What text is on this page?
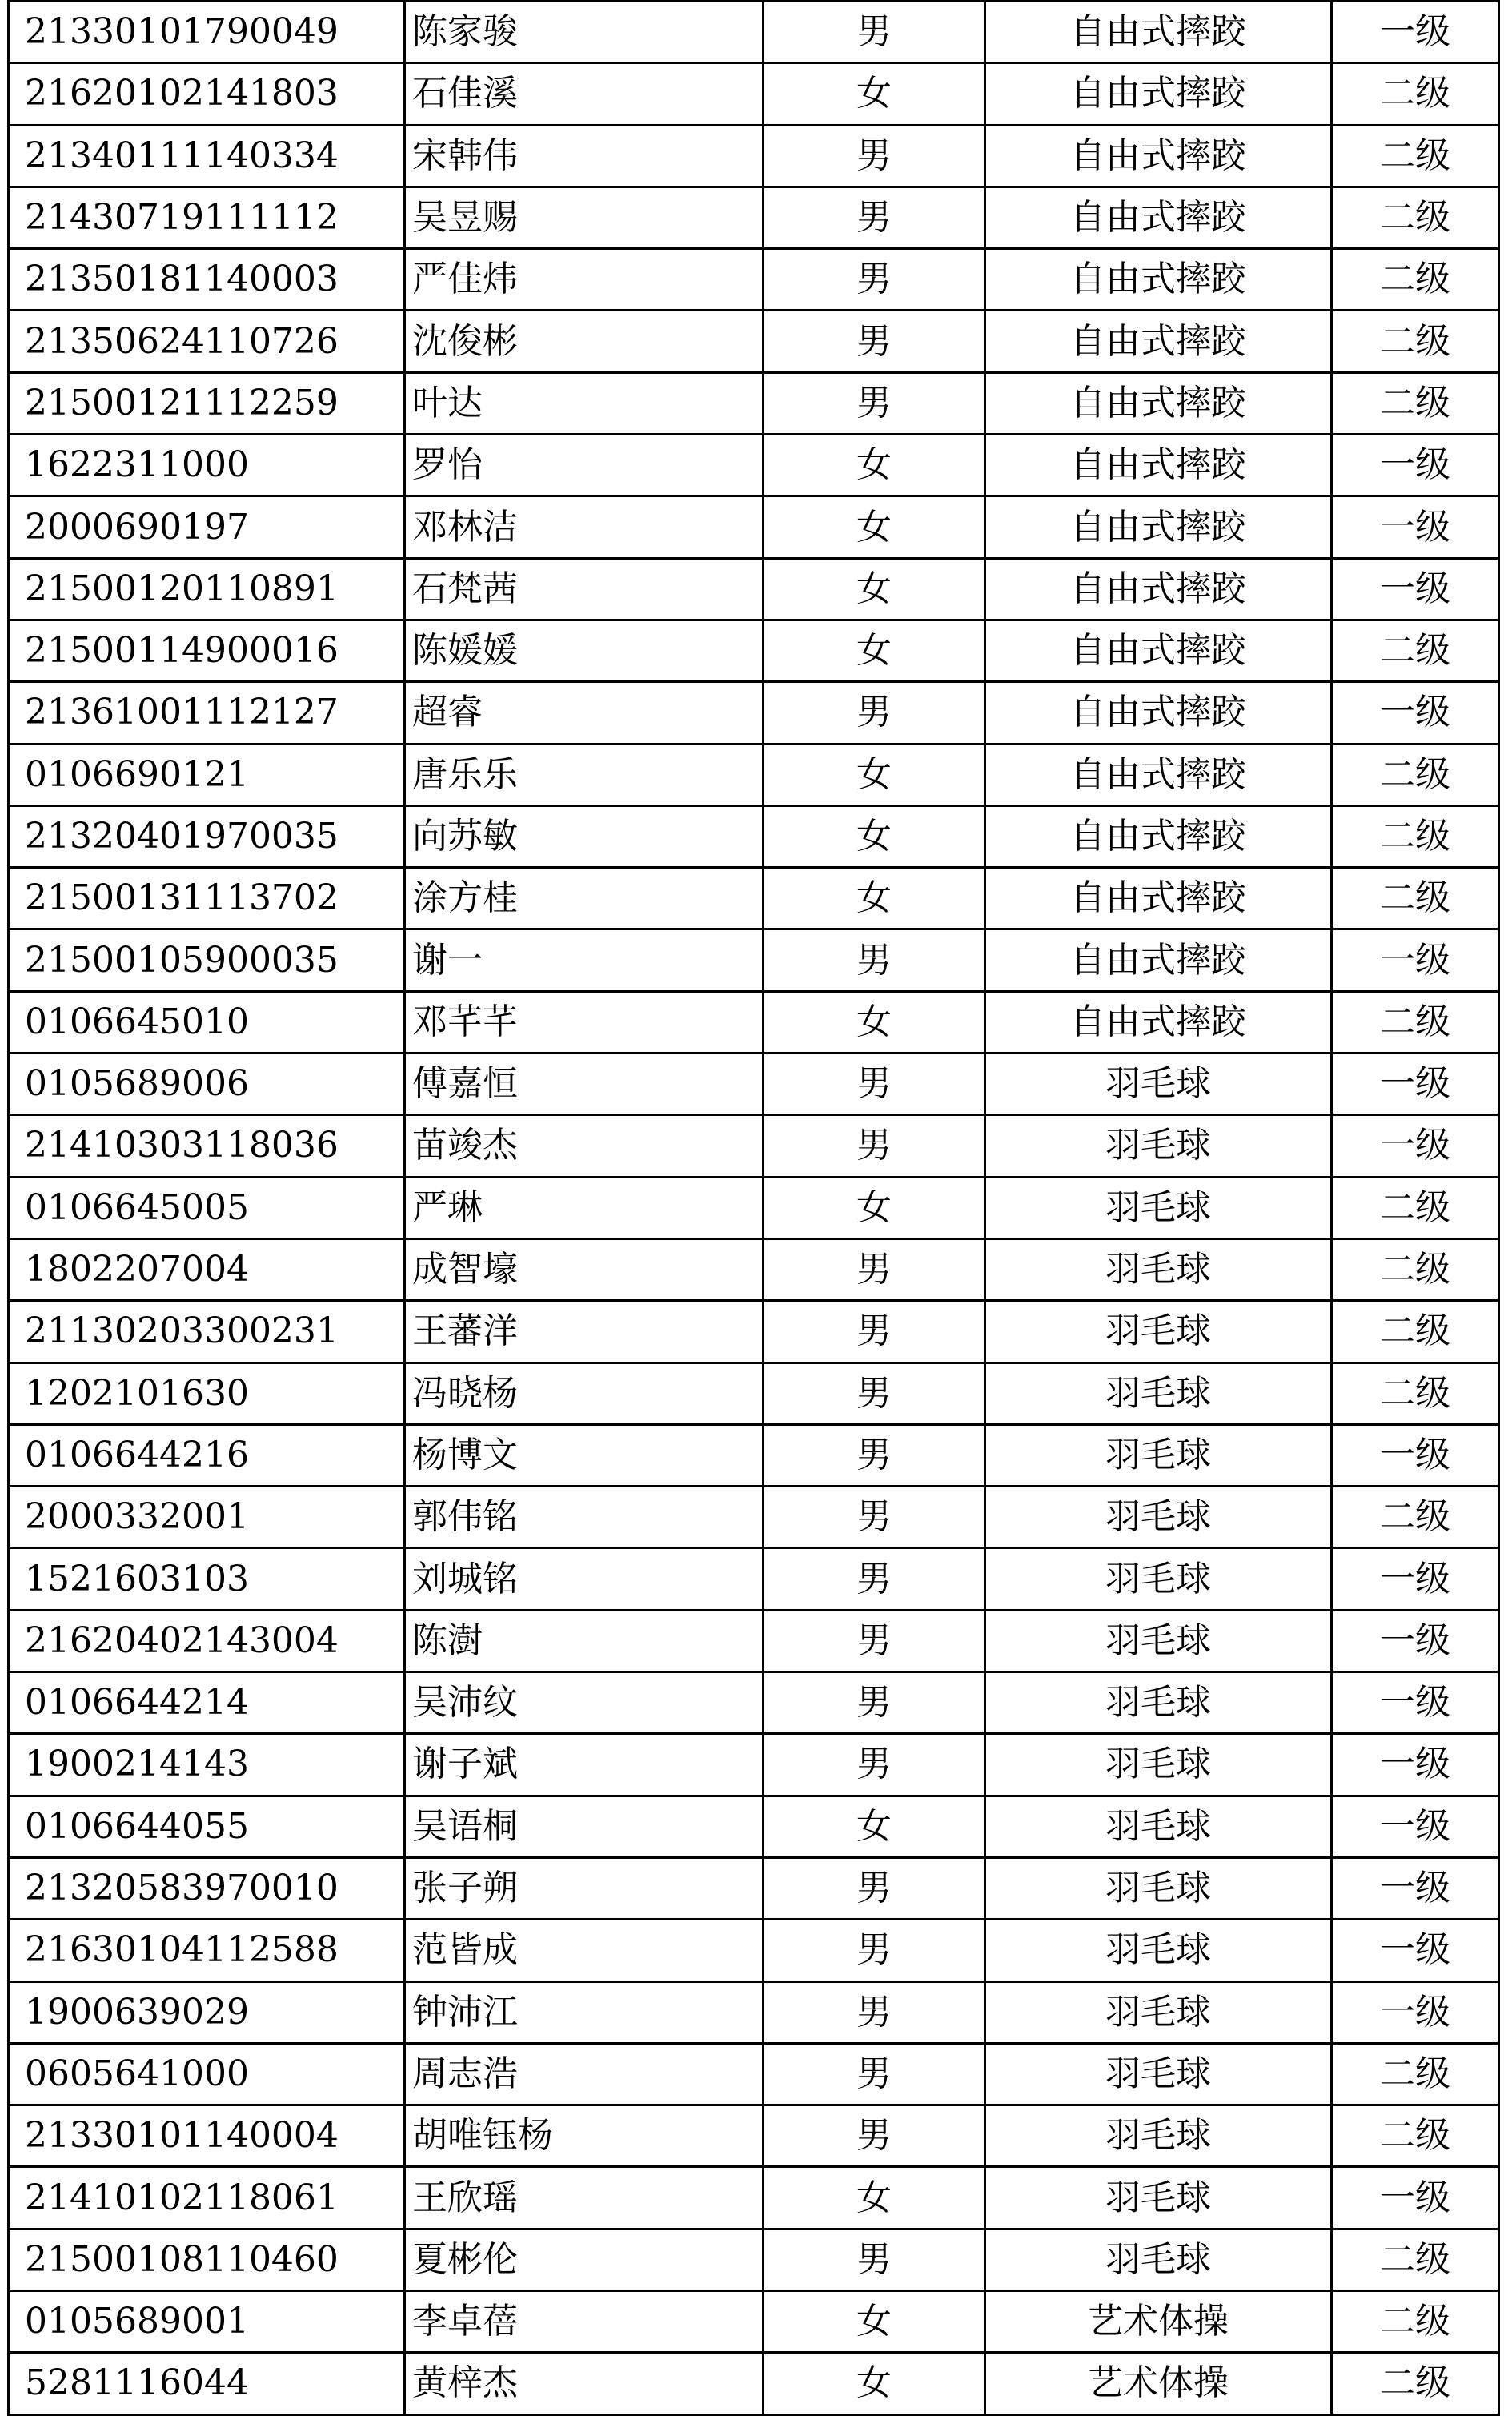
21330101790049	陈家骏	男	自由式摔跤	一级
21620102141803	石佳溪	女	自由式摔跤	二级
21340111140334	宋韩伟	男	自由式摔跤	二级
21430719111112	吴昱赐	男	自由式摔跤	二级
21350181140003	严佳炜	男	自由式摔跤	二级
21350624110726	沈俊彬	男	自由式摔跤	二级
21500121112259	叶达	男	自由式摔跤	二级
1622311000	罗怡	女	自由式摔跤	一级
2000690197	邓林洁	女	自由式摔跤	一级
21500120110891	石梵茜	女	自由式摔跤	一级
21500114900016	陈媛媛	女	自由式摔跤	二级
21361001112127	超睿	男	自由式摔跤	一级
0106690121	唐乐乐	女	自由式摔跤	二级
21320401970035	向苏敏	女	自由式摔跤	二级
21500131113702	涂方桂	女	自由式摔跤	二级
21500105900035	谢一	男	自由式摔跤	一级
0106645010	邓芊芊	女	自由式摔跤	二级
0105689006	傅嘉恒	男	羽毛球	一级
21410303118036	苗竣杰	男	羽毛球	一级
0106645005	严琳	女	羽毛球	二级
1802207004	成智壕	男	羽毛球	二级
21130203300231	王蕃洋	男	羽毛球	二级
1202101630	冯晓杨	男	羽毛球	二级
0106644216	杨博文	男	羽毛球	一级
2000332001	郭伟铭	男	羽毛球	二级
1521603103	刘城铭	男	羽毛球	一级
21620402143004	陈澍	男	羽毛球	一级
0106644214	吴沛纹	男	羽毛球	一级
1900214143	谢子斌	男	羽毛球	一级
0106644055	吴语桐	女	羽毛球	一级
21320583970010	张子朔	男	羽毛球	一级
21630104112588	范皆成	男	羽毛球	一级
1900639029	钟沛江	男	羽毛球	一级
0605641000	周志浩	男	羽毛球	二级
21330101140004	胡唯钰杨	男	羽毛球	二级
21410102118061	王欣瑶	女	羽毛球	一级
21500108110460	夏彬伦	男	羽毛球	二级
0105689001	李卓蓓	女	艺术体操	二级
5281116044	黄梓杰	女	艺术体操	二级
